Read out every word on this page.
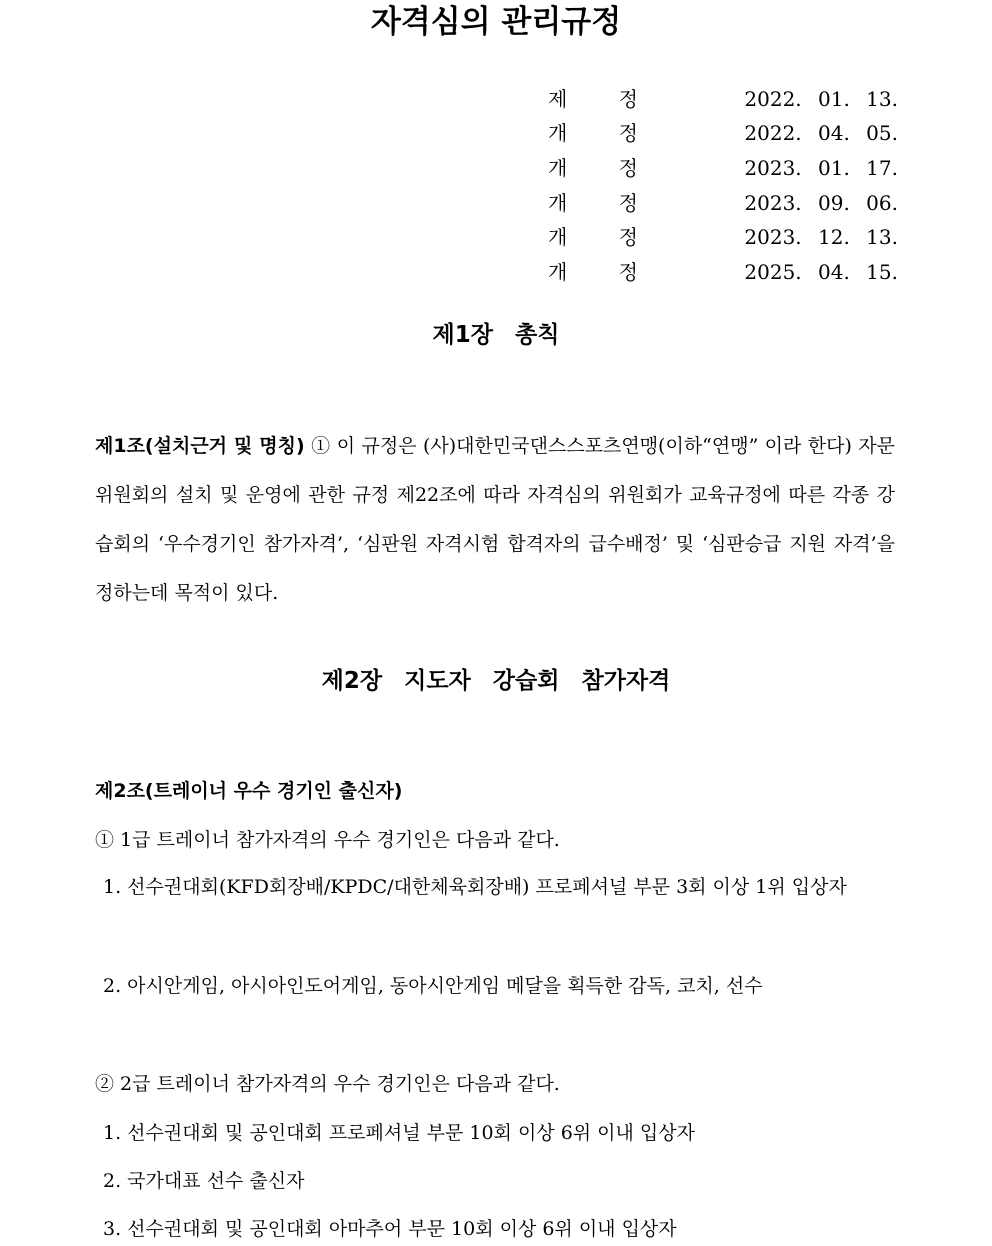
자격심의 관리규정
제	정	2022. 01. 13.
개	정	2022. 04. 05.
개	정	2023. 01. 17.
개	정	2023. 09. 06.
개	정	2023. 12. 13.
개	정	2025. 04. 15.
제1장 총칙
제1조(설치근거 및 명칭) ① 이 규정은 (사)대한민국댄스스포츠연맹(이하“연맹” 이라 한다) 자문위원회의 설치 및 운영에 관한 규정 제22조에 따라 자격심의 위원회가 교육규정에 따른 각종 강습회의 ‘우수경기인 참가자격’, ‘심판원 자격시험 합격자의 급수배정’ 및 ‘심판승급 지원 자격’을 정하는데 목적이 있다.
제2장 지도자 강습회 참가자격
제2조(트레이너 우수 경기인 출신자)
① 1급 트레이너 참가자격의 우수 경기인은 다음과 같다.
1. 선수권대회(KFD회장배/KPDC/대한체육회장배) 프로페셔널 부문 3회 이상 1위 입상자
2. 아시안게임, 아시아인도어게임, 동아시안게임 메달을 획득한 감독, 코치, 선수
② 2급 트레이너 참가자격의 우수 경기인은 다음과 같다.
1. 선수권대회 및 공인대회 프로페셔널 부문 10회 이상 6위 이내 입상자
2. 국가대표 선수 출신자
3. 선수권대회 및 공인대회 아마추어 부문 10회 이상 6위 이내 입상자
